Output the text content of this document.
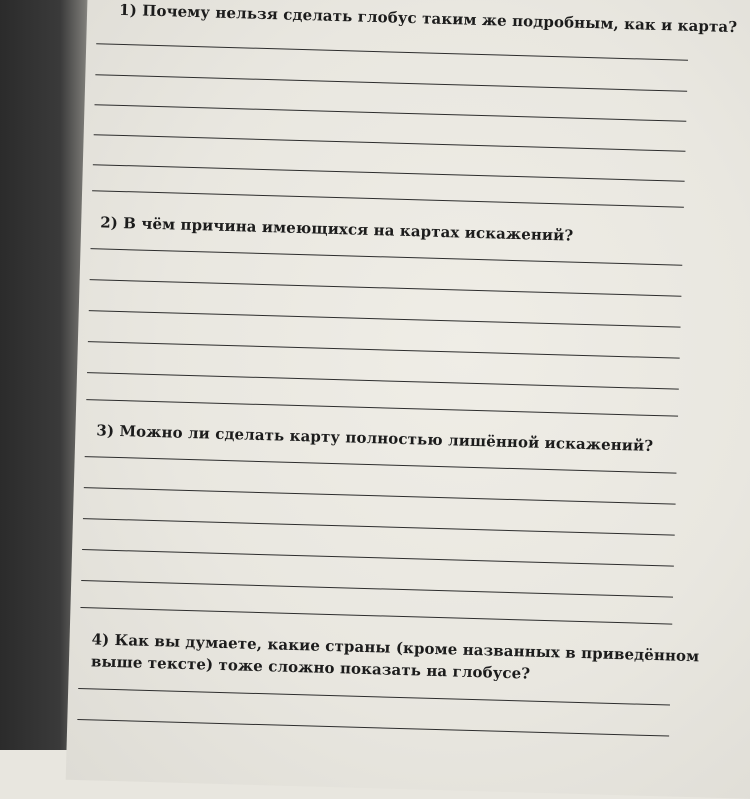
1) Почему нельзя сделать глобус таким же подробным, как и карта?

2) В чём причина имеющихся на картах искажений?

3) Можно ли сделать карту полностью лишённой искажений?

4) Как вы думаете, какие страны (кроме названных в приведённом выше тексте) тоже сложно показать на глобусе?
